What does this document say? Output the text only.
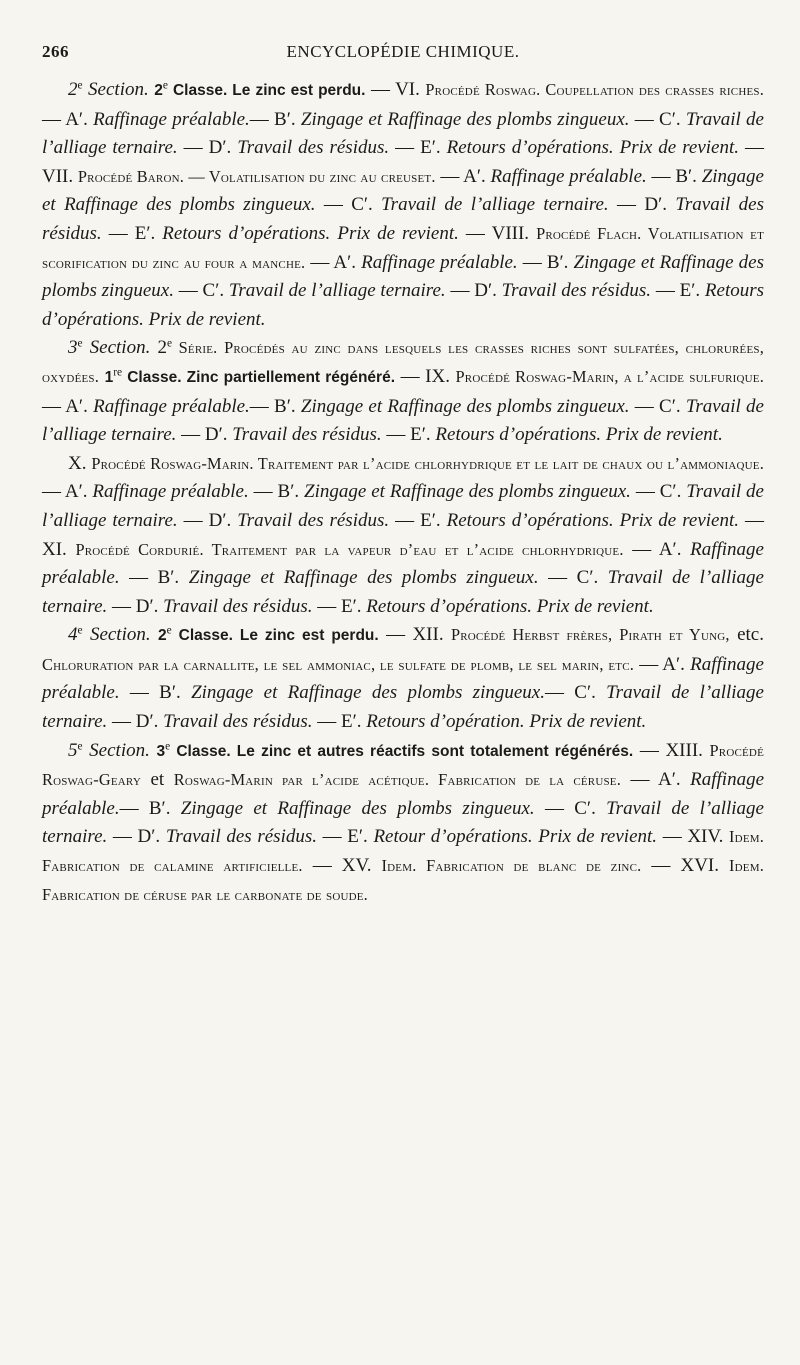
266	ENCYCLOPÉDIE CHIMIQUE.

2e Section. 2e Classe. Le zinc est perdu. — VI. Procédé Roswag. Coupellation des crasses riches. — A′. Raffinage préalable.— B′. Zingage et Raffinage des plombs zingueux. — C′. Travail de l’alliage ternaire. — D′. Travail des résidus. — E′. Retours d’opérations. Prix de revient. — VII. Procédé Baron. — Volatilisation du zinc au creuset. — A′. Raffinage préalable. — B′. Zingage et Raffinage des plombs zingueux. — C′. Travail de l’alliage ternaire. — D′. Travail des résidus. — E′. Retours d’opérations. Prix de revient. — VIII. Procédé Flach. Volatilisation et scorification du zinc au four a manche. — A′. Raffinage préalable. — B′. Zingage et Raffinage des plombs zingueux. — C′. Travail de l’alliage ternaire. — D′. Travail des résidus. — E′. Retours d’opérations. Prix de revient.

3e Section. 2e Série. Procédés au zinc dans lesquels les crasses riches sont sulfatées, chlorurées, oxydées. 1re Classe. Zinc partiellement régénéré. — IX. Procédé Roswag-Marin, a l’acide sulfurique.— A′. Raffinage préalable.— B′. Zingage et Raffinage des plombs zingueux. — C′. Travail de l’alliage ternaire. — D′. Travail des résidus. — E′. Retours d’opérations. Prix de revient.

X. Procédé Roswag-Marin. Traitement par l’acide chlorhydrique et le lait de chaux ou l’ammoniaque. — A′. Raffinage préalable. — B′. Zingage et Raffinage des plombs zingueux. — C′. Travail de l’alliage ternaire. — D′. Travail des résidus. — E′. Retours d’opérations. Prix de revient. — XI. Procédé Cordurié. Traitement par la vapeur d’eau et l’acide chlorhydrique. — A′. Raffinage préalable. — B′. Zingage et Raffinage des plombs zingueux. — C′. Travail de l’alliage ternaire. — D′. Travail des résidus. — E′. Retours d’opérations. Prix de revient.

4e Section. 2e Classe. Le zinc est perdu. — XII. Procédé Herbst frères, Pirath et Yung, etc. Chloruration par la carnallite, le sel ammoniac, le sulfate de plomb, le sel marin, etc. — A′. Raffinage préalable. — B′. Zingage et Raffinage des plombs zingueux.— C′. Travail de l’alliage ternaire. — D′. Travail des résidus. — E′. Retours d’opération. Prix de revient.

5e Section. 3e Classe. Le zinc et autres réactifs sont totalement régénérés. — XIII. Procédé Roswag-Geary et Roswag-Marin par l’acide acétique. Fabrication de la céruse. — A′. Raffinage préalable.— B′. Zingage et Raffinage des plombs zingueux. — C′. Travail de l’alliage ternaire. — D′. Travail des résidus. — E′. Retour d’opérations. Prix de revient. — XIV. Idem. Fabrication de calamine artificielle. — XV. Idem. Fabrication de blanc de zinc. — XVI. Idem. Fabrication de céruse par le carbonate de soude.
